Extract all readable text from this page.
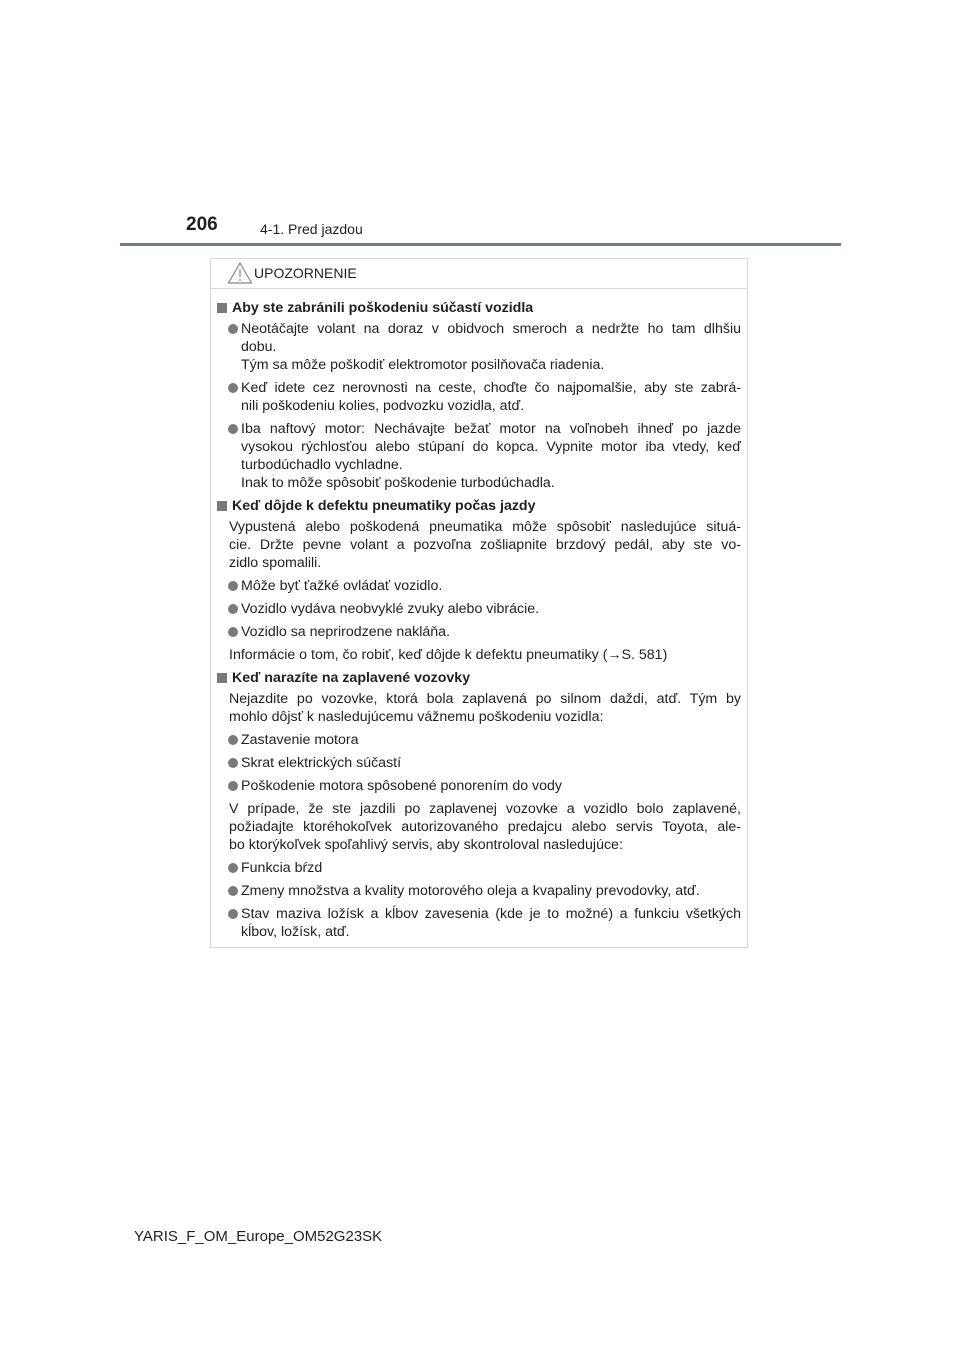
206	4-1. Pred jazdou
UPOZORNENIE
Aby ste zabránili poškodeniu súčastí vozidla
Neotáčajte volant na doraz v obidvoch smeroch a nedržte ho tam dlhšiu
dobu.
Tým sa môže poškodiť elektromotor posilňovača riadenia.
Keď idete cez nerovnosti na ceste, choďte čo najpomalšie, aby ste zabrá-
nili poškodeniu kolies, podvozku vozidla, atď.
Iba naftový motor: Nechávajte bežať motor na voľnobeh ihneď po jazde
vysokou rýchlosťou alebo stúpaní do kopca. Vypnite motor iba vtedy, keď
turbodúchadlo vychladne.
Inak to môže spôsobiť poškodenie turbodúchadla.
Keď dôjde k defektu pneumatiky počas jazdy
Vypustená alebo poškodená pneumatika môže spôsobiť nasledujúce situá-
cie. Držte pevne volant a pozvoľna zošliapnite brzdový pedál, aby ste vo-
zidlo spomalili.
Môže byť ťažké ovládať vozidlo.
Vozidlo vydáva neobvyklé zvuky alebo vibrácie.
Vozidlo sa neprirodzene nakláňa.
Informácie o tom, čo robiť, keď dôjde k defektu pneumatiky (→S. 581)
Keď narazíte na zaplavené vozovky
Nejazdite po vozovke, ktorá bola zaplavená po silnom daždi, atď. Tým by
mohlo dôjsť k nasledujúcemu vážnemu poškodeniu vozidla:
Zastavenie motora
Skrat elektrických súčastí
Poškodenie motora spôsobené ponorením do vody
V prípade, že ste jazdili po zaplavenej vozovke a vozidlo bolo zaplavené,
požiadajte ktoréhokoľvek autorizovaného predajcu alebo servis Toyota, ale-
bo ktorýkoľvek spoľahlivý servis, aby skontroloval nasledujúce:
Funkcia bŕzd
Zmeny množstva a kvality motorového oleja a kvapaliny prevodovky, atď.
Stav maziva ložísk a kĺbov zavesenia (kde je to možné) a funkciu všetkých
kĺbov, ložísk, atď.
YARIS_F_OM_Europe_OM52G23SK
